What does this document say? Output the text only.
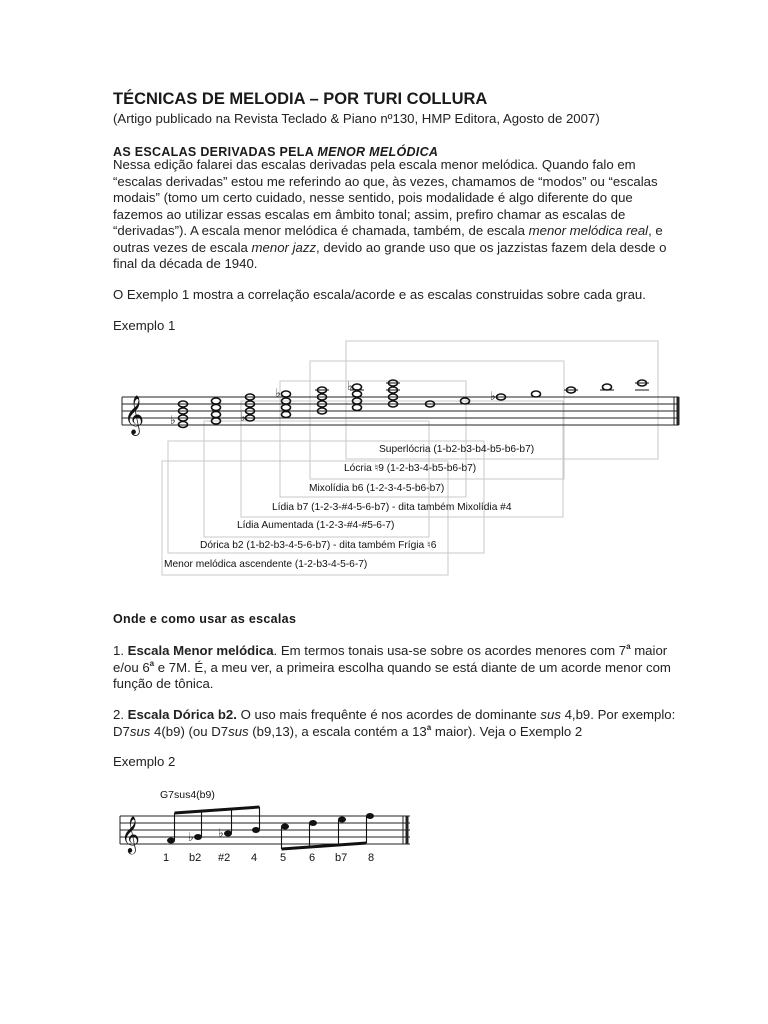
TÉCNICAS DE MELODIA – POR TURI COLLURA
(Artigo publicado na Revista Teclado & Piano nº130, HMP Editora, Agosto de 2007)
AS ESCALAS DERIVADAS PELA MENOR MELÓDICA
Nessa edição falarei das escalas derivadas pela escala menor melódica. Quando falo em “escalas derivadas” estou me referindo ao que, às vezes, chamamos de “modos” ou “escalas modais” (tomo um certo cuidado, nesse sentido, pois modalidade é algo diferente do que fazemos ao utilizar essas escalas em âmbito tonal; assim, prefiro chamar as escalas de “derivadas”). A escala menor melódica é chamada, também, de escala menor melódica real, e outras vezes de escala menor jazz, devido ao grande uso que os jazzistas fazem dela desde o final da década de 1940.
O Exemplo 1 mostra a correlação escala/acorde e as escalas construidas sobre cada grau.
Exemplo 1
𝄞 ♭	♭
♭	♭
♭
Superlócria (1-b2-b3-b4-b5-b6-b7)
Lócria ♮9 (1-2-b3-4-b5-b6-b7)
Mixolídia b6 (1-2-3-4-5-b6-b7)
Lídia b7 (1-2-3-#4-5-6-b7) - dita também Mixolídia #4
Lídia Aumentada (1-2-3-#4-#5-6-7)
Dórica b2 (1-b2-b3-4-5-6-b7) - dita também Frígia ♮6
Menor melódica ascendente (1-2-b3-4-5-6-7)
Onde e como usar as escalas
1. Escala Menor melódica. Em termos tonais usa-se sobre os acordes menores com 7$^a$ maior e/ou 6$^a$ e 7M. É, a meu ver, a primeira escolha quando se está diante de um acorde menor com função de tônica.
2. Escala Dórica b2. O uso mais frequênte é nos acordes de dominante sus 4,b9. Por exemplo: D7sus 4(b9) (ou D7sus (b9,13), a escala contém a 13$^a$ maior). Veja o Exemplo 2
Exemplo 2
G7sus4(b9)
𝄞	♭ ♭
1 b2 #2 4 5 6 b7 8
